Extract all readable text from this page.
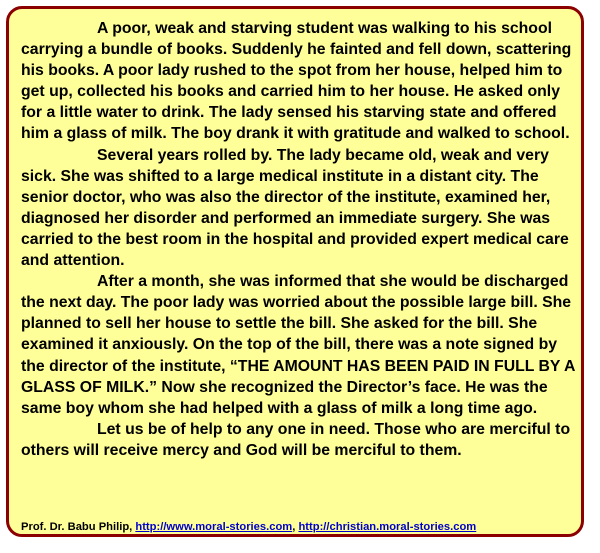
A poor, weak and starving student was walking to his school carrying a bundle of books. Suddenly he fainted and fell down, scattering his books. A poor lady rushed to the spot from her house, helped him to get up, collected his books and carried him to her house. He asked only for a little water to drink. The lady sensed his starving state and offered him a glass of milk. The boy drank it with gratitude and walked to school.

Several years rolled by. The lady became old, weak and very sick. She was shifted to a large medical institute in a distant city. The senior doctor, who was also the director of the institute, examined her, diagnosed her disorder and performed an immediate surgery. She was carried to the best room in the hospital and provided expert medical care and attention.

After a month, she was informed that she would be discharged the next day. The poor lady was worried about the possible large bill. She planned to sell her house to settle the bill. She asked for the bill. She examined it anxiously. On the top of the bill, there was a note signed by the director of the institute, “THE AMOUNT HAS BEEN PAID IN FULL BY A GLASS OF MILK.” Now she recognized the Director’s face. He was the same boy whom she had helped with a glass of milk a long time ago.

Let us be of help to any one in need. Those who are merciful to others will receive mercy and God will be merciful to them.

Prof. Dr. Babu Philip, http://www.moral-stories.com, http://christian.moral-stories.com
